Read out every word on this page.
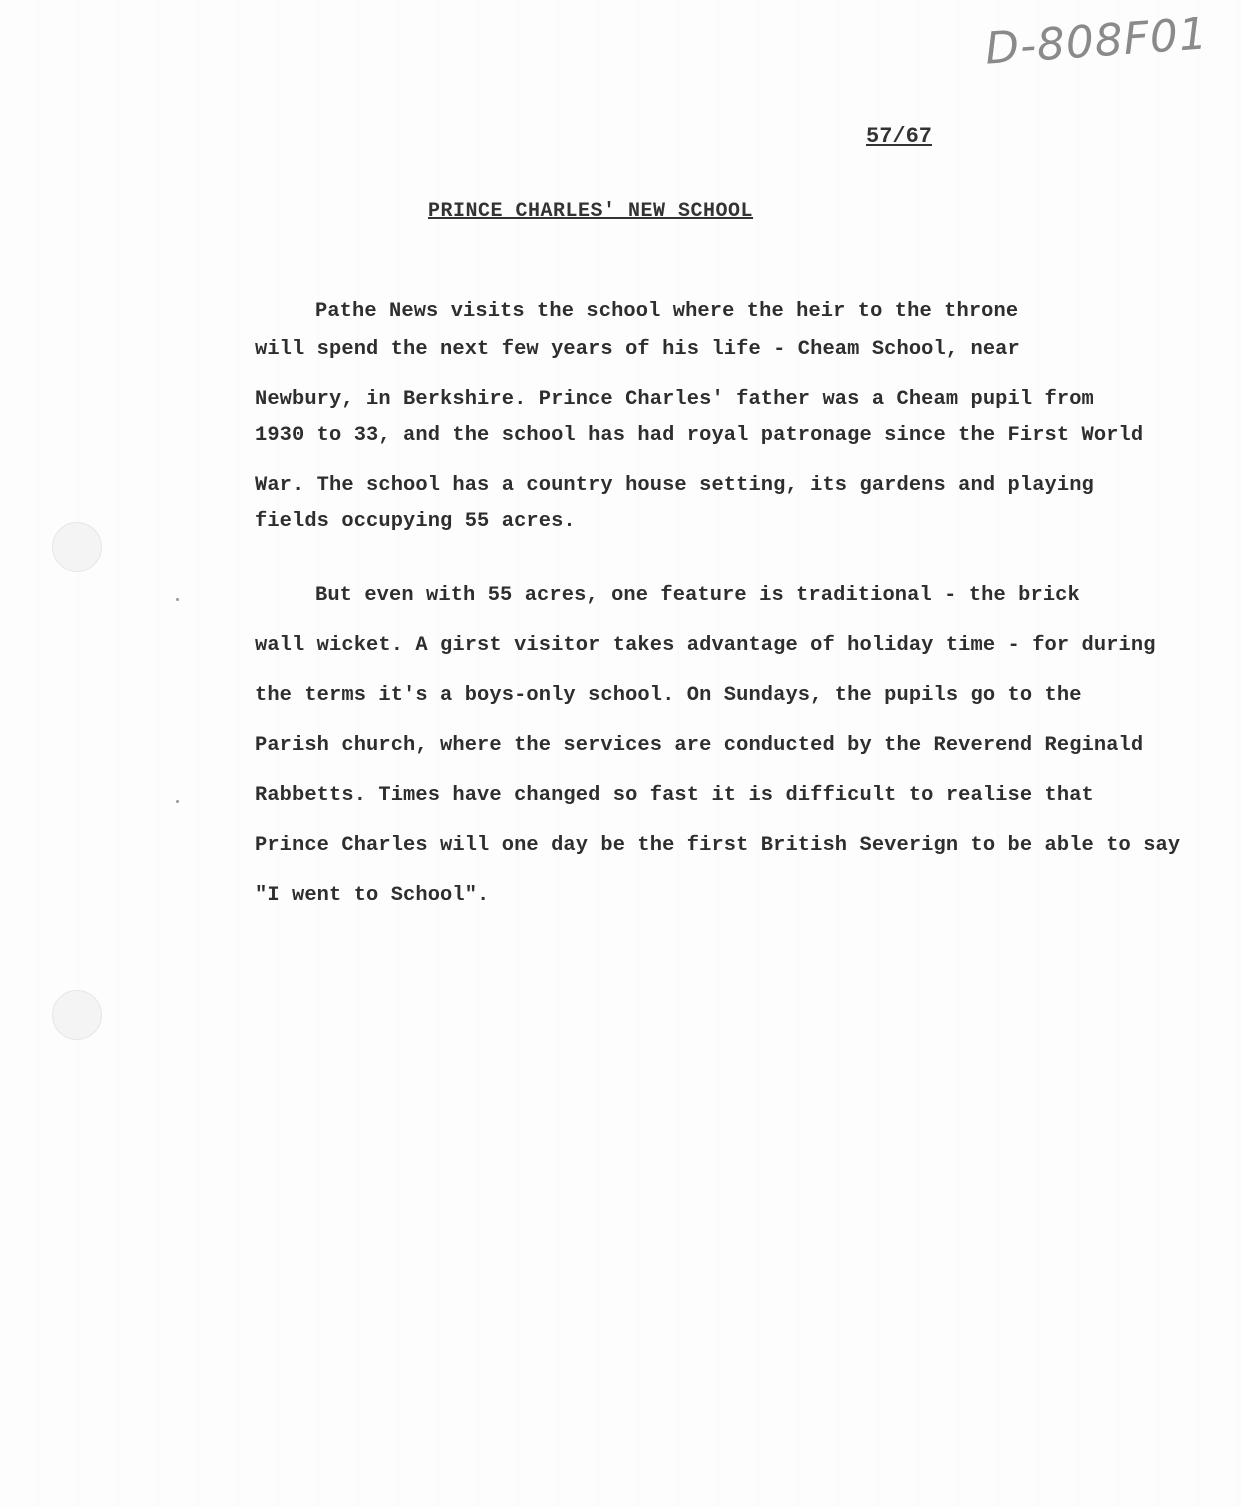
D-808F01
57/67
PRINCE CHARLES' NEW SCHOOL
Pathe News visits the school where the heir to the throne
will spend the next few years of his life - Cheam School, near
Newbury, in Berkshire. Prince Charles' father was a Cheam pupil from
1930 to 33, and the school has had royal patronage since the First World
War. The school has a country house setting, its gardens and playing
fields occupying 55 acres.
But even with 55 acres, one feature is traditional - the brick
wall wicket. A girst visitor takes advantage of holiday time - for during
the terms it's a boys-only school. On Sundays, the pupils go to the
Parish church, where the services are conducted by the Reverend Reginald
Rabbetts. Times have changed so fast it is difficult to realise that
Prince Charles will one day be the first British Severign to be able to say
"I went to School".
